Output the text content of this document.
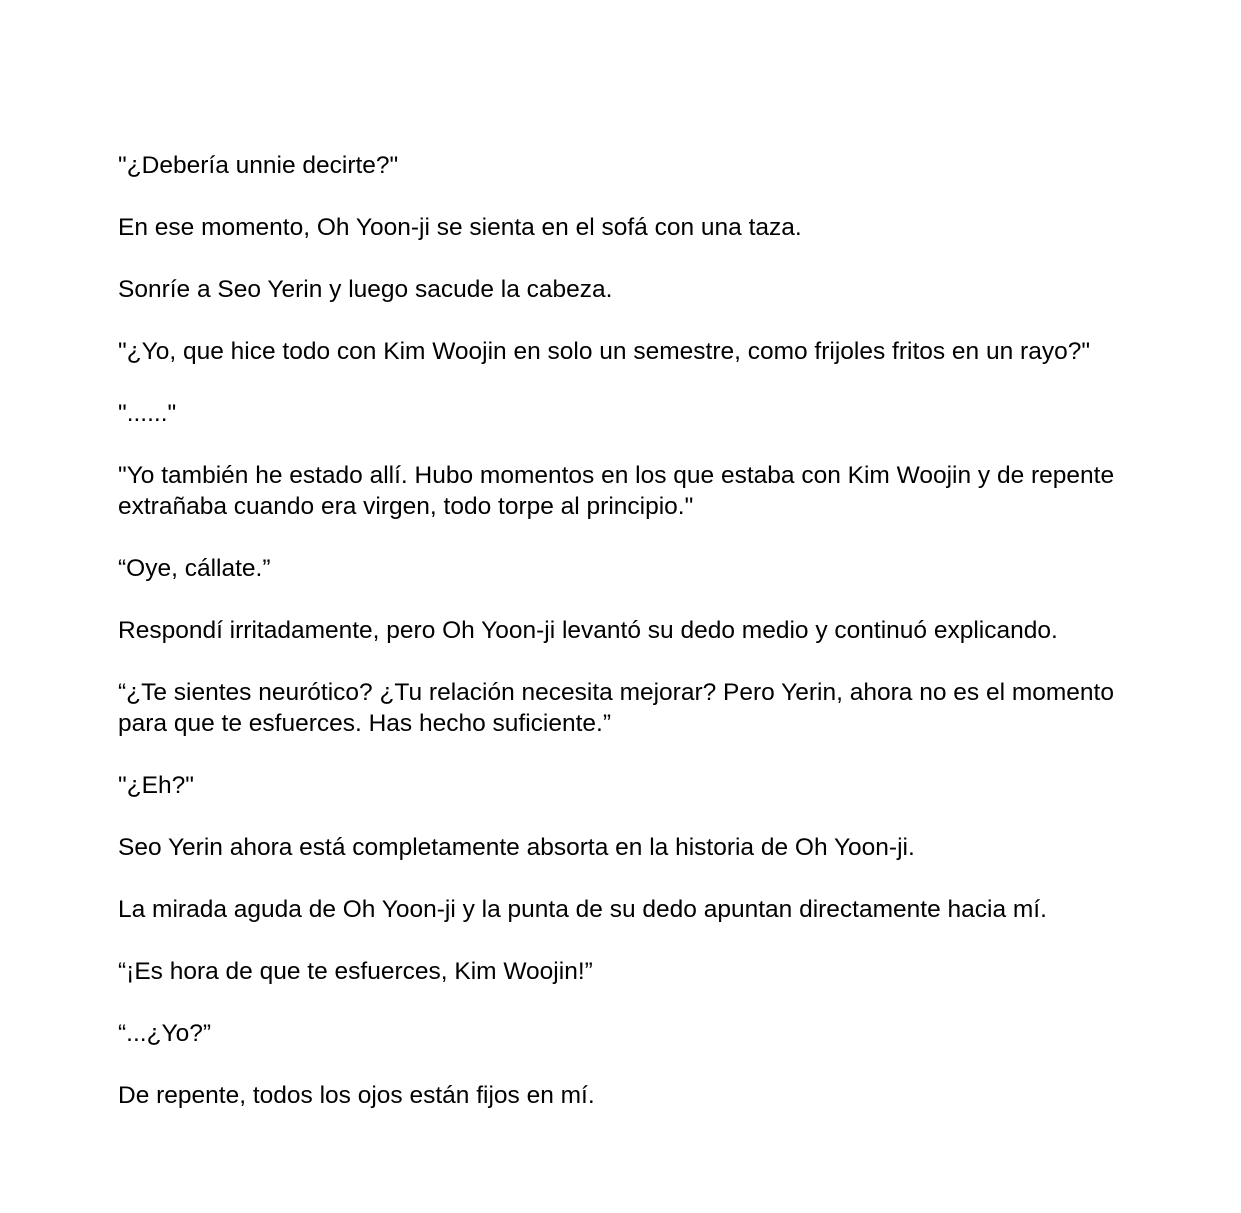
"¿Debería unnie decirte?"

En ese momento, Oh Yoon-ji se sienta en el sofá con una taza.

Sonríe a Seo Yerin y luego sacude la cabeza.

"¿Yo, que hice todo con Kim Woojin en solo un semestre, como frijoles fritos en un rayo?"

"......"

"Yo también he estado allí. Hubo momentos en los que estaba con Kim Woojin y de repente extrañaba cuando era virgen, todo torpe al principio."

“Oye, cállate.”

Respondí irritadamente, pero Oh Yoon-ji levantó su dedo medio y continuó explicando.

“¿Te sientes neurótico? ¿Tu relación necesita mejorar? Pero Yerin, ahora no es el momento para que te esfuerces. Has hecho suficiente.”

"¿Eh?"

Seo Yerin ahora está completamente absorta en la historia de Oh Yoon-ji.

La mirada aguda de Oh Yoon-ji y la punta de su dedo apuntan directamente hacia mí.

“¡Es hora de que te esfuerces, Kim Woojin!”

“...¿Yo?”

De repente, todos los ojos están fijos en mí.
